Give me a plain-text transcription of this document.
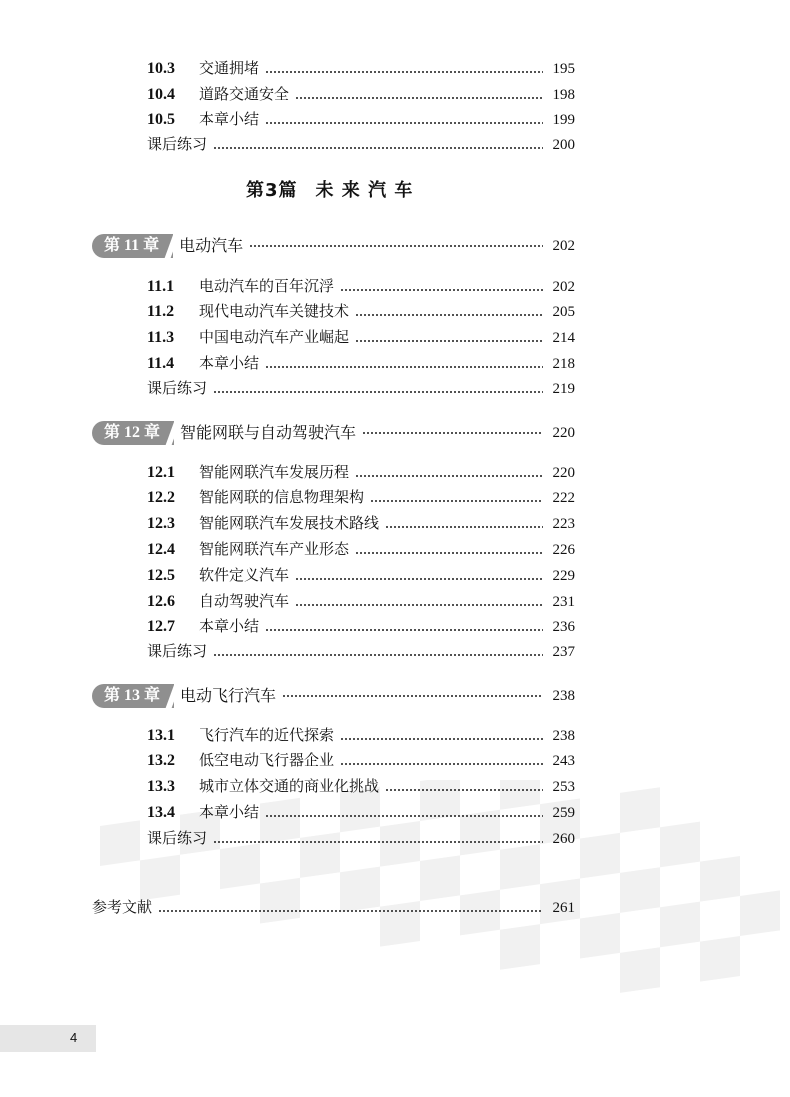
10.3	交通拥堵	195
10.4	道路交通安全	198
10.5	本章小结	199
课后练习	200
第3篇 未 来 汽 车
第 11 章	电动汽车	202
11.1	电动汽车的百年沉浮	202
11.2	现代电动汽车关键技术	205
11.3	中国电动汽车产业崛起	214
11.4	本章小结	218
课后练习	219
第 12 章	智能网联与自动驾驶汽车	220
12.1	智能网联汽车发展历程	220
12.2	智能网联的信息物理架构	222
12.3	智能网联汽车发展技术路线	223
12.4	智能网联汽车产业形态	226
12.5	软件定义汽车	229
12.6	自动驾驶汽车	231
12.7	本章小结	236
课后练习	237
第 13 章	电动飞行汽车	238
13.1	飞行汽车的近代探索	238
13.2	低空电动飞行器企业	243
13.3	城市立体交通的商业化挑战	253
13.4	本章小结	259
课后练习	260
参考文献	261
4
